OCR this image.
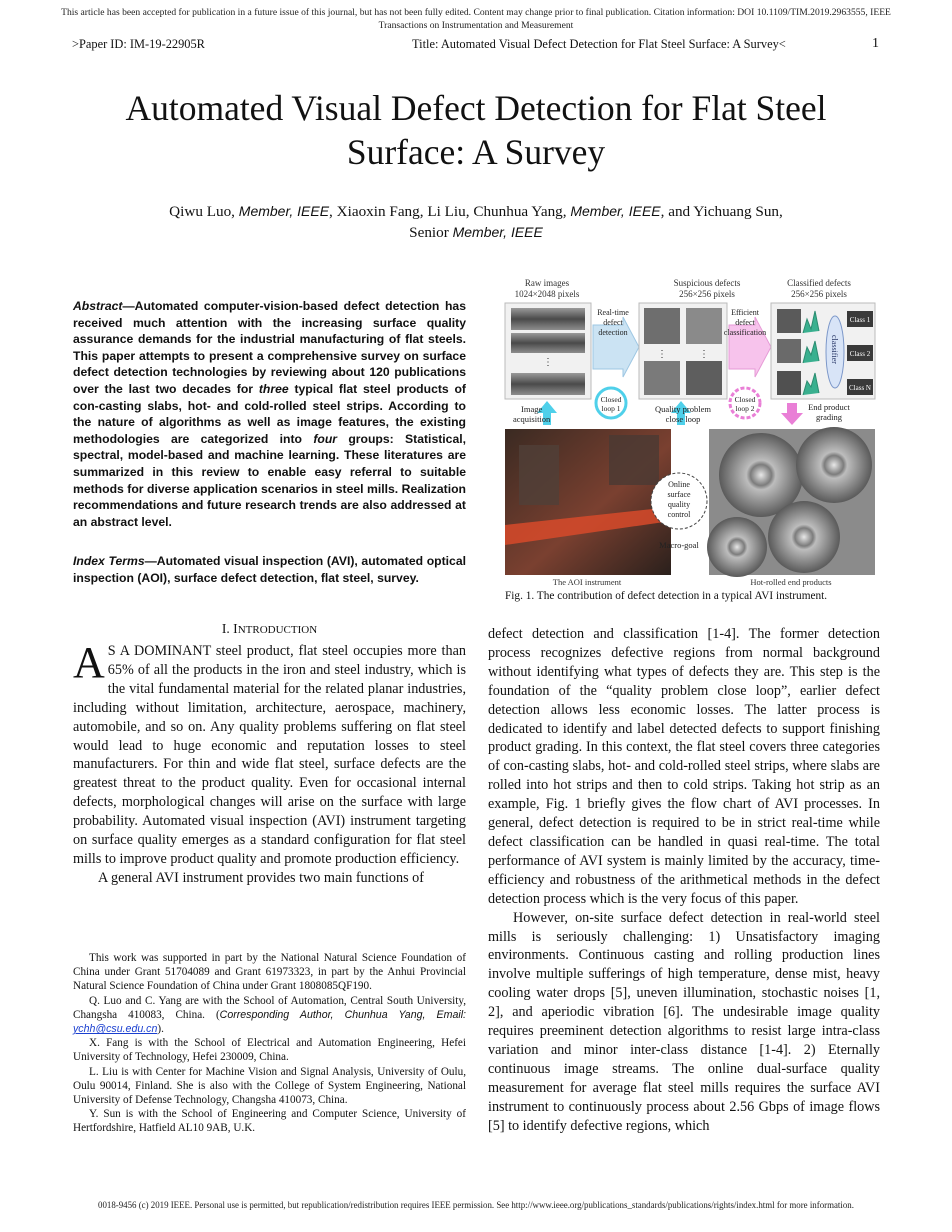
This article has been accepted for publication in a future issue of this journal, but has not been fully edited. Content may change prior to final publication. Citation information: DOI 10.1109/TIM.2019.2963555, IEEE
Transactions on Instrumentation and Measurement
>Paper ID: IM-19-22905R	Title: Automated Visual Defect Detection for Flat Steel Surface: A Survey<	1
Automated Visual Defect Detection for Flat Steel
Surface: A Survey
Qiwu Luo, Member, IEEE, Xiaoxin Fang, Li Liu, Chunhua Yang, Member, IEEE, and Yichuang Sun,
Senior Member, IEEE
Abstract—Automated computer-vision-based defect detection has received much attention with the increasing surface quality assurance demands for the industrial manufacturing of flat steels. This paper attempts to present a comprehensive survey on surface defect detection technologies by reviewing about 120 publications over the last two decades for three typical flat steel products of con-casting slabs, hot- and cold-rolled steel strips. According to the nature of algorithms as well as image features, the existing methodologies are categorized into four groups: Statistical, spectral, model-based and machine learning. These literatures are summarized in this review to enable easy referral to suitable methods for diverse application scenarios in steel mills. Realization recommendations and future research trends are also addressed at an abstract level.
Index Terms—Automated visual inspection (AVI), automated optical inspection (AOI), surface defect detection, flat steel, survey.
I. INTRODUCTION

A S A DOMINANT steel product, flat steel occupies more than 65% of all the products in the iron and steel industry, which is the vital fundamental material for the related planar industries, including without limitation, architecture, aerospace, machinery, automobile, and so on. Any quality problems suffering on flat steel would lead to huge economic and reputation losses to steel manufacturers. For thin and wide flat steel, surface defects are the greatest threat to the product quality. Even for occasional internal defects, morphological changes will arise on the surface with large probability. Automated visual inspection (AVI) instrument targeting on surface quality emerges as a standard configuration for flat steel mills to improve product quality and promote production efficiency.

A general AVI instrument provides two main functions of

This work was supported in part by the National Natural Science Foundation of China under Grant 51704089 and Grant 61973323, in part by the Anhui Provincial Natural Science Foundation of China under Grant 1808085QF190.

Q. Luo and C. Yang are with the School of Automation, Central South University, Changsha 410083, China. (Corresponding Author, Chunhua Yang, Email: ychh@csu.edu.cn).

X. Fang is with the School of Electrical and Automation Engineering, Hefei University of Technology, Hefei 230009, China.

L. Liu is with Center for Machine Vision and Signal Analysis, University of Oulu, Oulu 90014, Finland. She is also with the College of System Engineering, National University of Defense Technology, Changsha 410073, China.

Y. Sun is with the School of Engineering and Computer Science, University of Hertfordshire, Hatfield AL10 9AB, U.K.

defect detection and classification [1-4]. The former detection process recognizes defective regions from normal background without identifying what types of defects they are. This step is the foundation of the “quality problem close loop”, earlier defect detection allows less economic losses. The latter process is dedicated to identify and label detected defects to support finishing product grading. In this context, the flat steel covers three categories of con-casting slabs, hot- and cold-rolled steel strips, where slabs are rolled into hot strips and then to cold strips. Taking hot strip as an example, Fig. 1 briefly gives the flow chart of AVI processes. In general, defect detection is required to be in strict real-time while defect classification can be handled in quasi real-time. The total performance of AVI system is mainly limited by the accuracy, time-efficiency and robustness of the arithmetical methods in the defect detection process which is the very focus of this paper.

However, on-site surface defect detection in real-world steel mills is seriously challenging: 1) Unsatisfactory imaging environments. Continuous casting and rolling production lines involve multiple sufferings of high temperature, dense mist, heavy cooling water drops [5], uneven illumination, stochastic noises [1, 2], and aperiodic vibration [6]. The undesirable image quality requires preeminent detection algorithms to resist large intra-class variation and minor inter-class distance [1-4]. 2) Eternally continuous image streams. The online dual-surface quality measurement for average flat steel mills requires the surface AVI instrument to continuously process about 2.56 Gbps of image flows [5] to identify defective regions, which

Raw images
1024×2048 pixels
Suspicious defects
256×256 pixels
Classified defects
256×256 pixels
⋮
Real-time
defect
detection
⋮	⋮
Efficient
defect
classification
classifier
Class 1
Class 2
Class N
Image
acquisition
Closed
loop 1	Quality problem
close loop
Closed
loop 2	End product
grading
Online
surface
quality
control
Macro-goal
The AOI instrument	Hot-rolled end products
Fig. 1. The contribution of defect detection in a typical AVI instrument.
0018-9456 (c) 2019 IEEE. Personal use is permitted, but republication/redistribution requires IEEE permission. See http://www.ieee.org/publications_standards/publications/rights/index.html for more information.
